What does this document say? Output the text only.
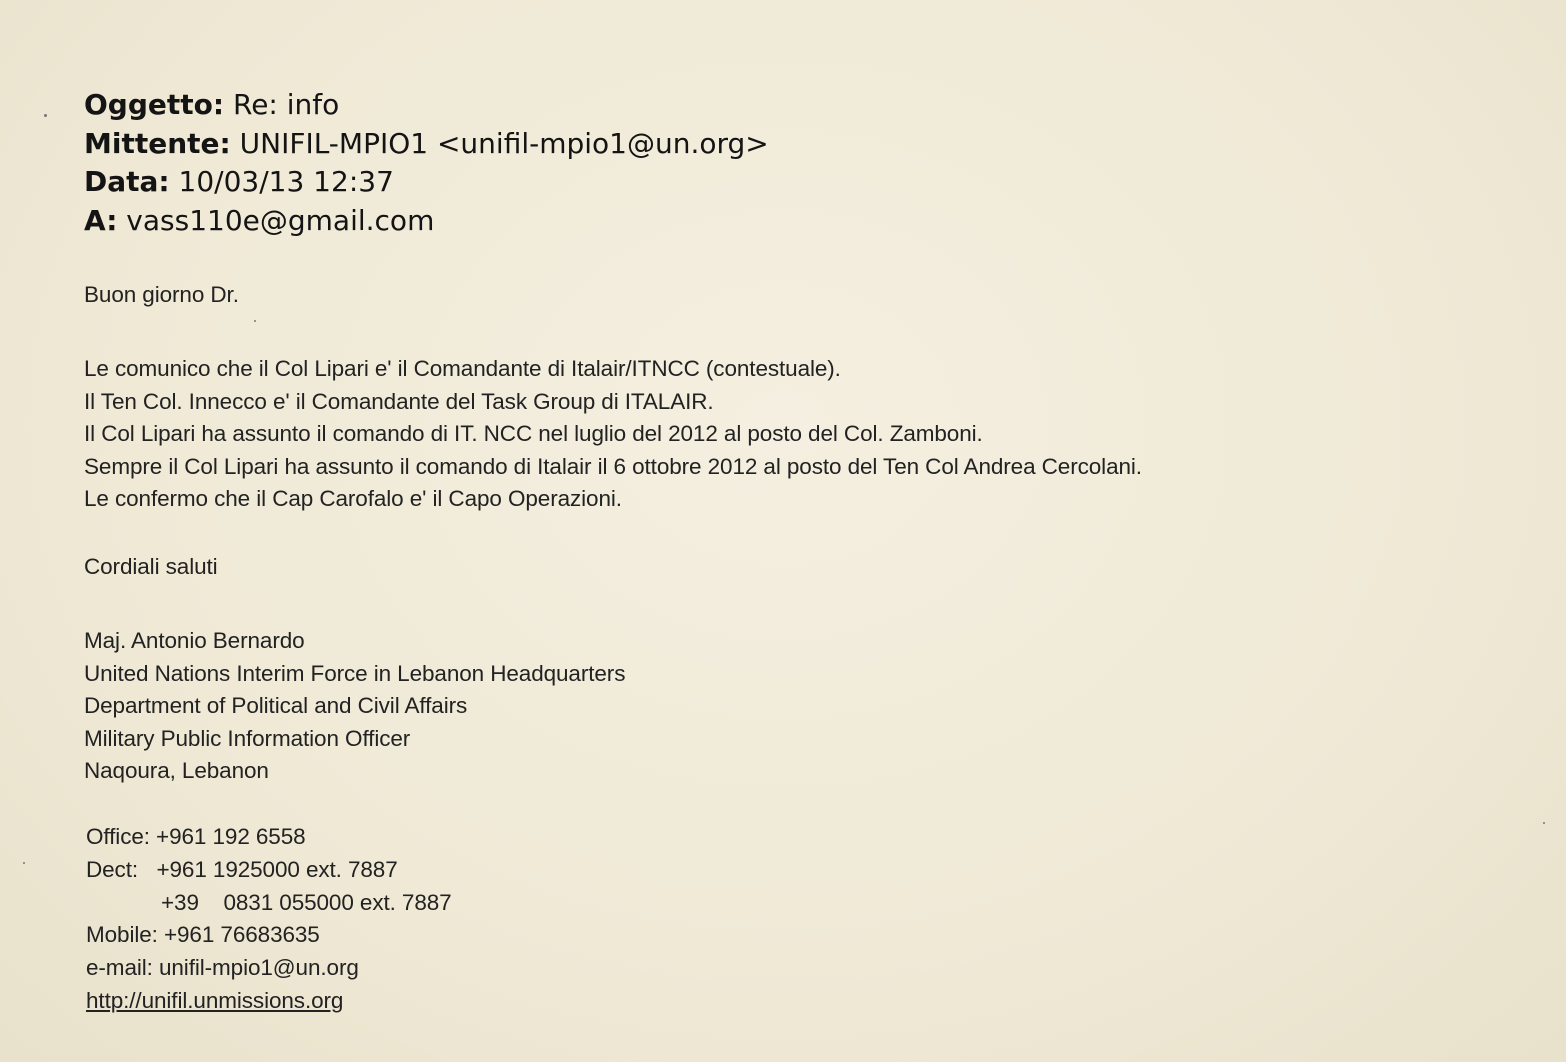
Oggetto: Re: info
Mittente: UNIFIL-MPIO1 <unifil-mpio1@un.org>
Data: 10/03/13 12:37
A: vass110e@gmail.com
Buon giorno Dr.
Le comunico che il Col Lipari e' il Comandante di Italair/ITNCC (contestuale).
Il Ten Col. Innecco e' il Comandante del Task Group di ITALAIR.
Il Col Lipari ha assunto il comando di IT. NCC nel luglio del 2012 al posto del Col. Zamboni.
Sempre il Col Lipari ha assunto il comando di Italair il 6 ottobre 2012 al posto del Ten Col Andrea Cercolani.
Le confermo che il Cap Carofalo e' il Capo Operazioni.
Cordiali saluti
Maj. Antonio Bernardo
United Nations Interim Force in Lebanon Headquarters
Department of Political and Civil Affairs
Military Public Information Officer
Naqoura, Lebanon
Office: +961 192 6558
Dect:   +961 1925000 ext. 7887
+39    0831 055000 ext. 7887
Mobile: +961 76683635
e-mail: unifil-mpio1@un.org
http://unifil.unmissions.org
